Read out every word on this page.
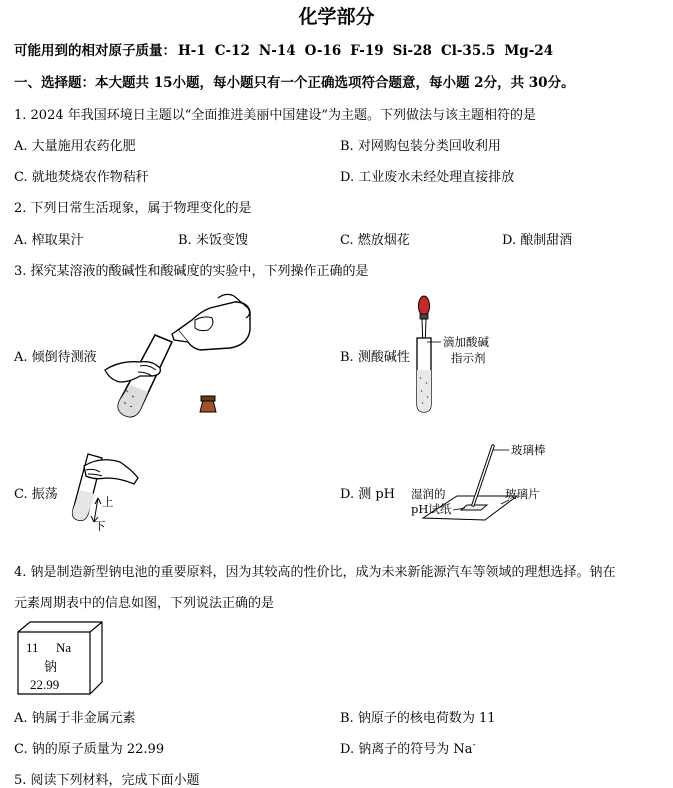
化学部分
可能用到的相对原子质量： H-1 C-12 N-14 O-16 F-19 Si-28 Cl-35.5 Mg-24
一、选择题：本大题共 15小题，每小题只有一个正确选项符合题意，每小题 2分，共 30分。
1. 2024 年我国环境日主题以“全面推进美丽中国建设”为主题。下列做法与该主题相符的是
A. 大量施用农药化肥	B. 对网购包装分类回收利用
C. 就地焚烧农作物秸秆	D. 工业废水未经处理直接排放
2. 下列日常生活现象，属于物理变化的是
A. 榨取果汁	B. 米饭变馊	C. 燃放烟花	D. 酿制甜酒
3. 探究某溶液的酸碱性和酸碱度的实验中，下列操作正确的是
A. 倾倒待测液	B. 测酸碱性
滴加酸碱
指示剂
C. 振荡	上
下
D. 测 pH
玻璃棒
湿润的
pH试纸
玻璃片
4. 钠是制造新型钠电池的重要原料，因为其较高的性价比，成为未来新能源汽车等领域的理想选择。钠在
元素周期表中的信息如图，下列说法正确的是
11 Na
钠
22.99
A. 钠属于非金属元素	B. 钠原子的核电荷数为 11
C. 钠的原子质量为 22.99	D. 钠离子的符号为 Na-
5. 阅读下列材料，完成下面小题
